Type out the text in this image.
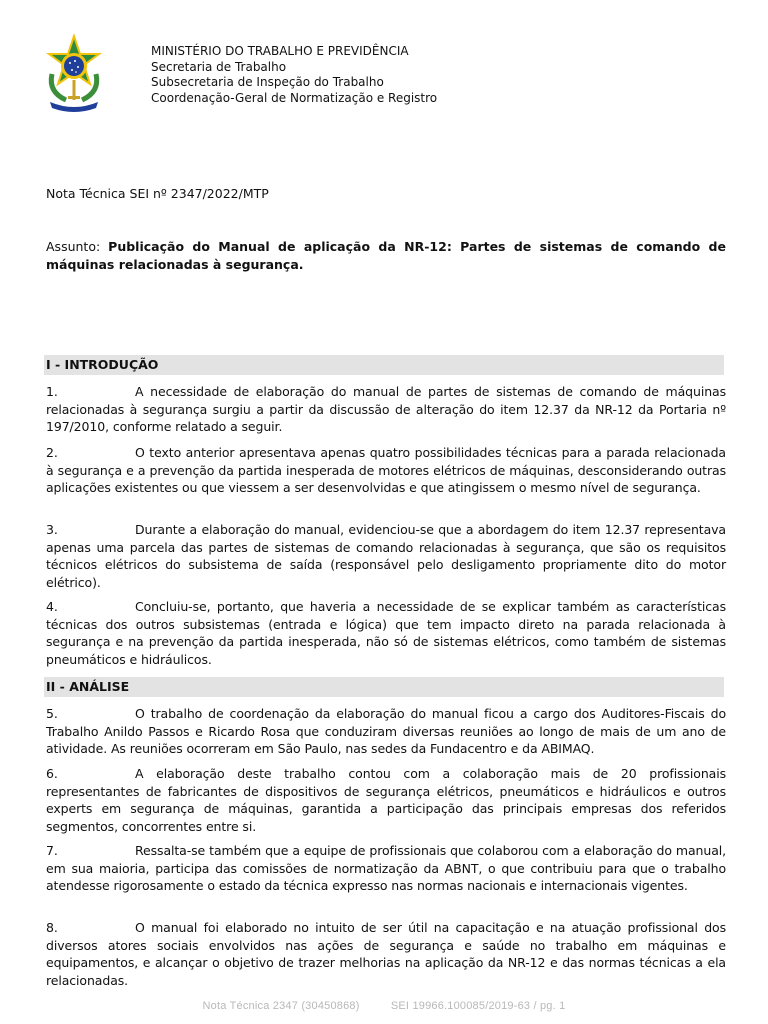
MINISTÉRIO DO TRABALHO E PREVIDÊNCIA
Secretaria de Trabalho
Subsecretaria de Inspeção do Trabalho
Coordenação-Geral de Normatização e Registro
Nota Técnica SEI nº 2347/2022/MTP
Assunto: Publicação do Manual de aplicação da NR-12: Partes de sistemas de comando de máquinas relacionadas à segurança.
I - INTRODUÇÃO
1.	A necessidade de elaboração do manual de partes de sistemas de comando de máquinas relacionadas à segurança surgiu a partir da discussão de alteração do item 12.37 da NR-12 da Portaria nº 197/2010, conforme relatado a seguir.
2.	O texto anterior apresentava apenas quatro possibilidades técnicas para a parada relacionada à segurança e a prevenção da partida inesperada de motores elétricos de máquinas, desconsiderando outras aplicações existentes ou que viessem a ser desenvolvidas e que atingissem o mesmo nível de segurança.
3.	Durante a elaboração do manual, evidenciou-se que a abordagem do item 12.37 representava apenas uma parcela das partes de sistemas de comando relacionadas à segurança, que são os requisitos técnicos elétricos do subsistema de saída (responsável pelo desligamento propriamente dito do motor elétrico).
4.	Concluiu-se, portanto, que haveria a necessidade de se explicar também as características técnicas dos outros subsistemas (entrada e lógica) que tem impacto direto na parada relacionada à segurança e na prevenção da partida inesperada, não só de sistemas elétricos, como também de sistemas pneumáticos e hidráulicos.
II - ANÁLISE
5.	O trabalho de coordenação da elaboração do manual ficou a cargo dos Auditores-Fiscais do Trabalho Anildo Passos e Ricardo Rosa que conduziram diversas reuniões ao longo de mais de um ano de atividade. As reuniões ocorreram em São Paulo, nas sedes da Fundacentro e da ABIMAQ.
6.	A elaboração deste trabalho contou com a colaboração mais de 20 profissionais representantes de fabricantes de dispositivos de segurança elétricos, pneumáticos e hidráulicos e outros experts em segurança de máquinas, garantida a participação das principais empresas dos referidos segmentos, concorrentes entre si.
7.	Ressalta-se também que a equipe de profissionais que colaborou com a elaboração do manual, em sua maioria, participa das comissões de normatização da ABNT, o que contribuiu para que o trabalho atendesse rigorosamente o estado da técnica expresso nas normas nacionais e internacionais vigentes.
8.	O manual foi elaborado no intuito de ser útil na capacitação e na atuação profissional dos diversos atores sociais envolvidos nas ações de segurança e saúde no trabalho em máquinas e equipamentos, e alcançar o objetivo de trazer melhorias na aplicação da NR-12 e das normas técnicas a ela relacionadas.
Nota Técnica 2347 (30450868)	SEI 19966.100085/2019-63 / pg. 1
